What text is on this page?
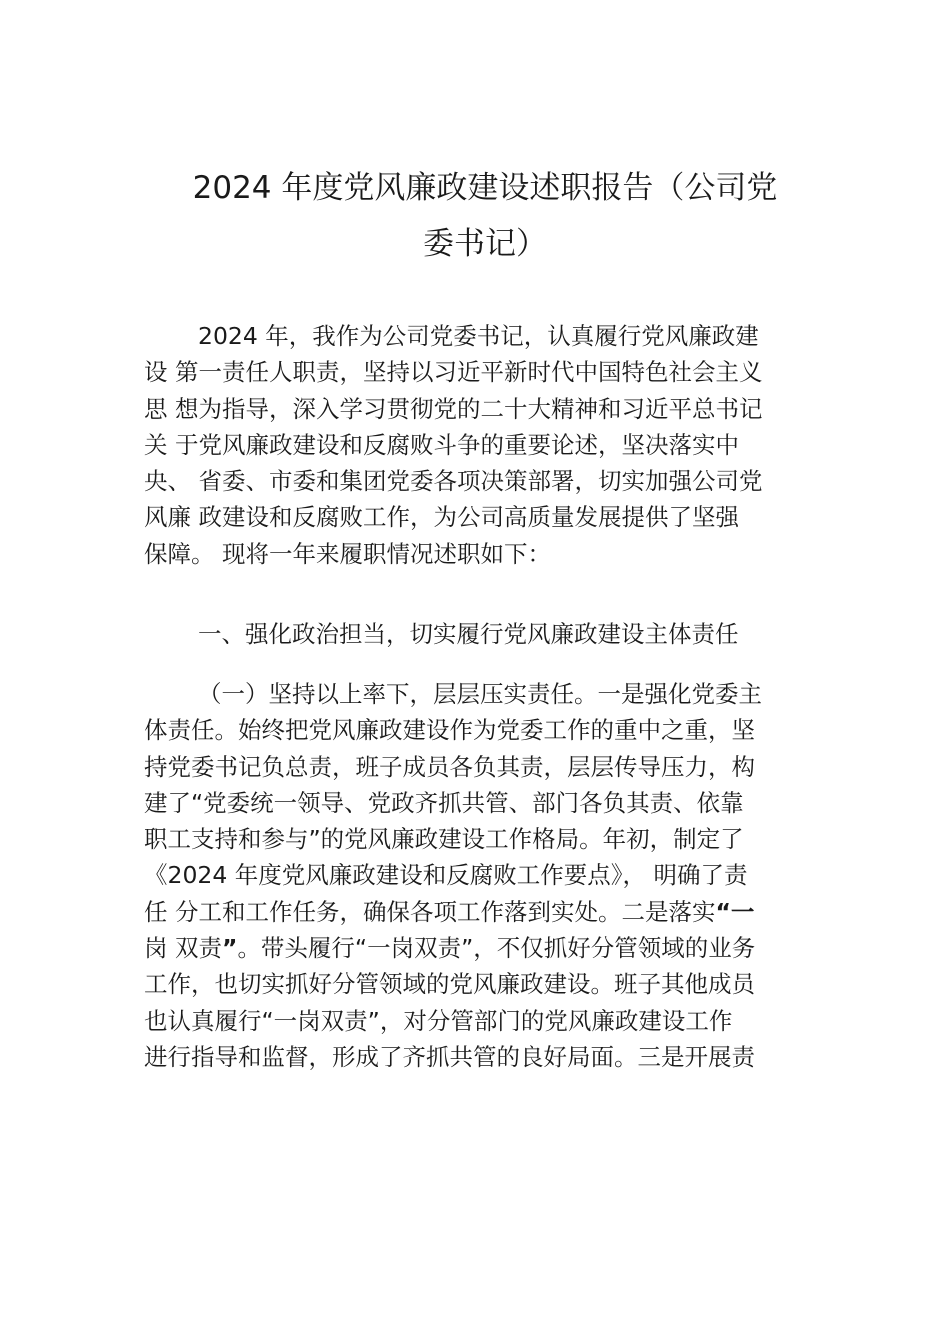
2024 年度党风廉政建设述职报告（公司党
委书记）
2024 年，我作为公司党委书记，认真履行党风廉政建
设 第一责任人职责，坚持以习近平新时代中国特色社会主义
思 想为指导，深入学习贯彻党的二十大精神和习近平总书记
关 于党风廉政建设和反腐败斗争的重要论述，坚决落实中
央、 省委、市委和集团党委各项决策部署，切实加强公司党
风廉 政建设和反腐败工作，为公司高质量发展提供了坚强
保障。 现将一年来履职情况述职如下：
一、强化政治担当，切实履行党风廉政建设主体责任
（一）坚持以上率下，层层压实责任。一是强化党委主
体责任。始终把党风廉政建设作为党委工作的重中之重，坚
持党委书记负总责，班子成员各负其责，层层传导压力，构
建了“党委统一领导、党政齐抓共管、部门各负其责、依靠
职工支持和参与”的党风廉政建设工作格局。年初，制定了
《2024 年度党风廉政建设和反腐败工作要点》， 明确了责
任 分工和工作任务，确保各项工作落到实处。二是落实“一
岗 双责”。带头履行“一岗双责”，不仅抓好分管领域的业务
工作，也切实抓好分管领域的党风廉政建设。班子其他成员
也认真履行“一岗双责”，对分管部门的党风廉政建设工作
进行指导和监督，形成了齐抓共管的良好局面。三是开展责
